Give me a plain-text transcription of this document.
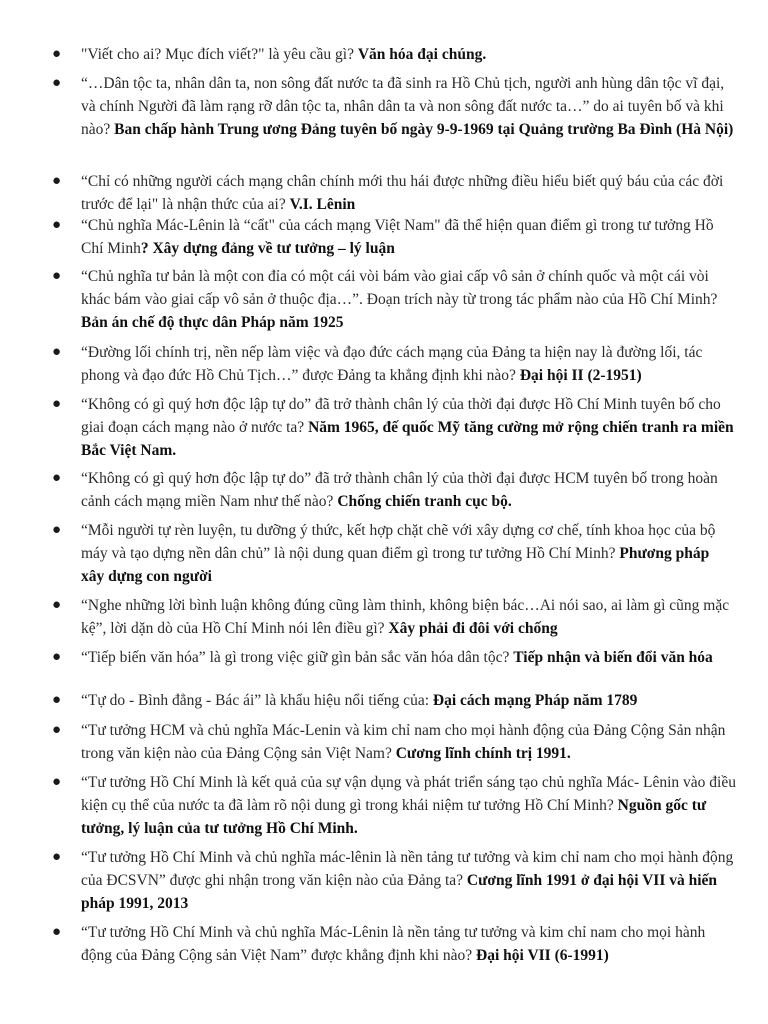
● "Viết cho ai? Mục đích viết?" là yêu cầu gì? Văn hóa đại chúng.
● “…Dân tộc ta, nhân dân ta, non sông đất nước ta đã sinh ra Hồ Chủ tịch, người anh hùng dân tộc vĩ đại, và chính Người đã làm rạng rỡ dân tộc ta, nhân dân ta và non sông đất nước ta…” do ai tuyên bố và khi nào? Ban chấp hành Trung ương Đảng tuyên bố ngày 9-9-1969 tại Quảng trường Ba Đình (Hà Nội)
● “Chỉ có những người cách mạng chân chính mới thu hái được những điều hiểu biết quý báu của các đời trước để lại" là nhận thức của ai? V.I. Lênin
● “Chủ nghĩa Mác-Lênin là “cẩt" của cách mạng Việt Nam" đã thể hiện quan điểm gì trong tư tưởng Hồ Chí Minh? Xây dựng đảng về tư tưởng – lý luận
● “Chủ nghĩa tư bản là một con đỉa có một cái vòi bám vào giai cấp vô sản ở chính quốc và một cái vòi khác bám vào giai cấp vô sản ở thuộc địa…”. Đoạn trích này từ trong tác phẩm nào của Hồ Chí Minh? Bản án chế độ thực dân Pháp năm 1925
● “Đường lối chính trị, nền nếp làm việc và đạo đức cách mạng của Đảng ta hiện nay là đường lối, tác phong và đạo đức Hồ Chủ Tịch…” được Đảng ta khẳng định khi nào? Đại hội II (2-1951)
● “Không có gì quý hơn độc lập tự do” đã trở thành chân lý của thời đại được Hồ Chí Minh tuyên bố cho giai đoạn cách mạng nào ở nước ta? Năm 1965, đế quốc Mỹ tăng cường mở rộng chiến tranh ra miền Bắc Việt Nam.
● “Không có gì quý hơn độc lập tự do” đã trở thành chân lý của thời đại được HCM tuyên bố trong hoàn cảnh cách mạng miền Nam như thế nào? Chống chiến tranh cục bộ.
● “Mỗi người tự rèn luyện, tu dưỡng ý thức, kết hợp chặt chẽ với xây dựng cơ chế, tính khoa học của bộ máy và tạo dựng nền dân chủ” là nội dung quan điểm gì trong tư tưởng Hồ Chí Minh? Phương pháp xây dựng con người
● “Nghe những lời bình luận không đúng cũng làm thinh, không biện bác…Ai nói sao, ai làm gì cũng mặc kệ”, lời dặn dò của Hồ Chí Minh nói lên điều gì? Xây phải đi đôi với chống
● “Tiếp biến văn hóa” là gì trong việc giữ gìn bản sắc văn hóa dân tộc? Tiếp nhận và biến đổi văn hóa
● “Tự do - Bình đẳng - Bác ái” là khẩu hiệu nổi tiếng của: Đại cách mạng Pháp năm 1789
● “Tư tưởng HCM và chủ nghĩa Mác-Lenin và kim chỉ nam cho mọi hành động của Đảng Cộng Sản nhận trong văn kiện nào của Đảng Cộng sản Việt Nam? Cương lĩnh chính trị 1991.
● “Tư tưởng Hồ Chí Minh là kết quả của sự vận dụng và phát triển sáng tạo chủ nghĩa Mác- Lênin vào điều kiện cụ thể của nước ta đã làm rõ nội dung gì trong khái niệm tư tưởng Hồ Chí Minh? Nguồn gốc tư tưởng, lý luận của tư tưởng Hồ Chí Minh.
● “Tư tưởng Hồ Chí Minh và chủ nghĩa mác-lênin là nền tảng tư tưởng và kim chỉ nam cho mọi hành động của ĐCSVN” được ghi nhận trong văn kiện nào của Đảng ta? Cương lĩnh 1991 ở đại hội VII và hiến pháp 1991, 2013
● “Tư tưởng Hồ Chí Minh và chủ nghĩa Mác-Lênin là nền tảng tư tưởng và kim chỉ nam cho mọi hành động của Đảng Cộng sản Việt Nam” được khẳng định khi nào? Đại hội VII (6-1991)
